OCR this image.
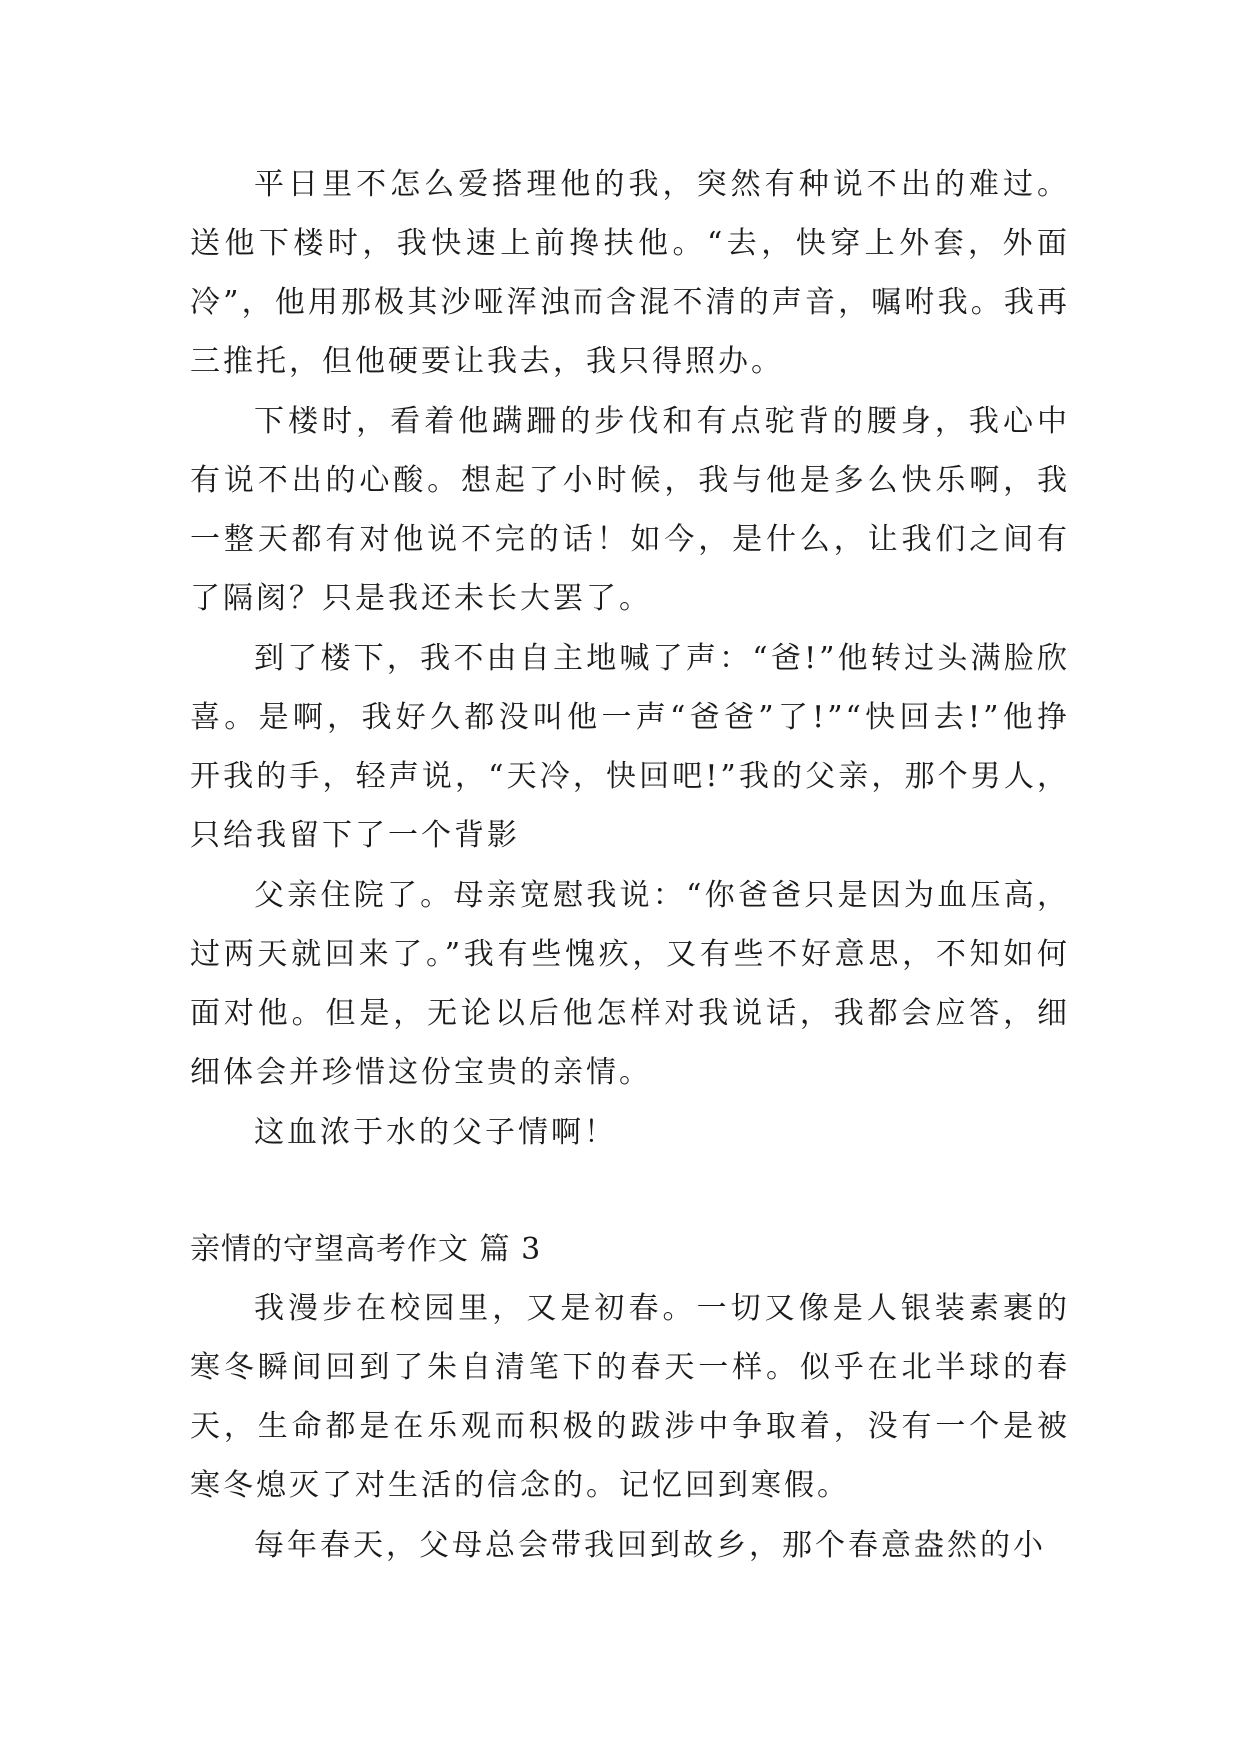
平日里不怎么爱搭理他的我，突然有种说不出的难过。送他下楼时，我快速上前搀扶他。“去，快穿上外套，外面冷”，他用那极其沙哑浑浊而含混不清的声音，嘱咐我。我再三推托，但他硬要让我去，我只得照办。

下楼时，看着他蹒跚的步伐和有点驼背的腰身，我心中有说不出的心酸。想起了小时候，我与他是多么快乐啊，我一整天都有对他说不完的话！如今，是什么，让我们之间有了隔阂？只是我还未长大罢了。

到了楼下，我不由自主地喊了声：“爸!”他转过头满脸欣喜。是啊，我好久都没叫他一声“爸爸”了!”“快回去!”他挣开我的手，轻声说，“天冷，快回吧!”我的父亲，那个男人，只给我留下了一个背影

父亲住院了。母亲宽慰我说：“你爸爸只是因为血压高，过两天就回来了。”我有些愧疚，又有些不好意思，不知如何面对他。但是，无论以后他怎样对我说话，我都会应答，细细体会并珍惜这份宝贵的亲情。

这血浓于水的父子情啊！

亲情的守望高考作文 篇 3

我漫步在校园里，又是初春。一切又像是人银装素裹的寒冬瞬间回到了朱自清笔下的春天一样。似乎在北半球的春天，生命都是在乐观而积极的跋涉中争取着，没有一个是被寒冬熄灭了对生活的信念的。记忆回到寒假。

每年春天，父母总会带我回到故乡，那个春意盎然的小
